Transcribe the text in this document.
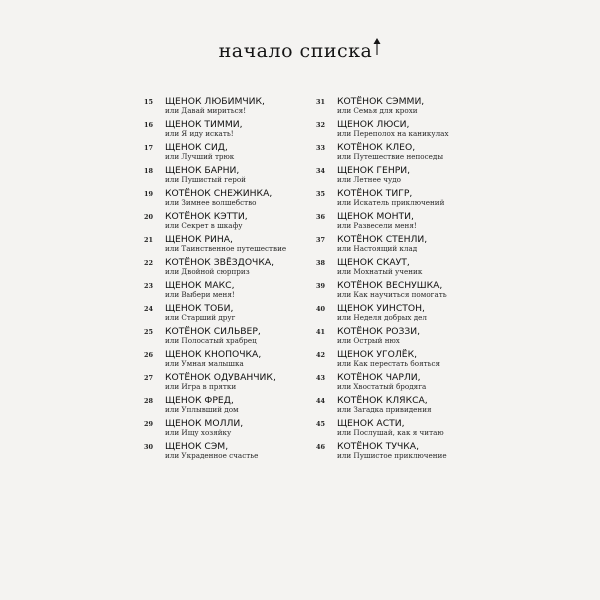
начало списка
15 ЩЕНОК ЛЮБИМЧИК,
или Давай мириться!
16 ЩЕНОК ТИММИ,
или Я иду искать!
17 ЩЕНОК СИД,
или Лучший трюк
18 ЩЕНОК БАРНИ,
или Пушистый герой
19 КОТЁНОК СНЕЖИНКА,
или Зимнее волшебство
20 КОТЁНОК КЭТТИ,
или Секрет в шкафу
21 ЩЕНОК РИНА,
или Таинственное путешествие
22 КОТЁНОК ЗВЁЗДОЧКА,
или Двойной сюрприз
23 ЩЕНОК МАКС,
или Выбери меня!
24 ЩЕНОК ТОБИ,
или Старший друг
25 КОТЁНОК СИЛЬВЕР,
или Полосатый храбрец
26 ЩЕНОК КНОПОЧКА,
или Умная малышка
27 КОТЁНОК ОДУВАНЧИК,
или Игра в прятки
28 ЩЕНОК ФРЕД,
или Уплывший дом
29 ЩЕНОК МОЛЛИ,
или Ищу хозяйку
30 ЩЕНОК СЭМ,
или Украденное счастье
31 КОТЁНОК СЭММИ,
или Семья для крохи
32 ЩЕНОК ЛЮСИ,
или Переполох на каникулах
33 КОТЁНОК КЛЕО,
или Путешествие непоседы
34 ЩЕНОК ГЕНРИ,
или Летнее чудо
35 КОТЁНОК ТИГР,
или Искатель приключений
36 ЩЕНОК МОНТИ,
или Развесели меня!
37 КОТЁНОК СТЕНЛИ,
или Настоящий клад
38 ЩЕНОК СКАУТ,
или Мохнатый ученик
39 КОТЁНОК ВЕСНУШКА,
или Как научиться помогать
40 ЩЕНОК УИНСТОН,
или Неделя добрых дел
41 КОТЁНОК РОЗЗИ,
или Острый нюх
42 ЩЕНОК УГОЛЁК,
или Как перестать бояться
43 КОТЁНОК ЧАРЛИ,
или Хвостатый бродяга
44 КОТЁНОК КЛЯКСА,
или Загадка привидения
45 ЩЕНОК АСТИ,
или Послушай, как я читаю
46 КОТЁНОК ТУЧКА,
или Пушистое приключение
